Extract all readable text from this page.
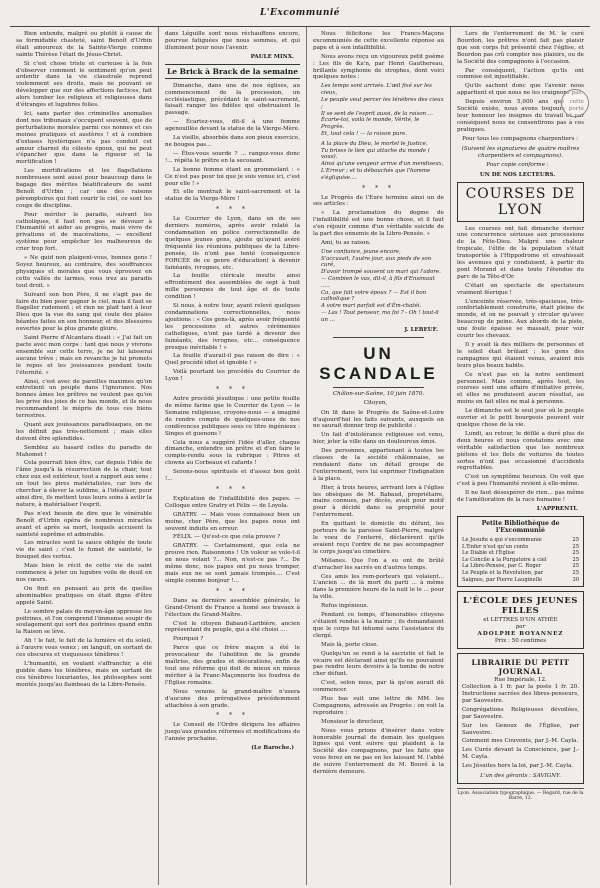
L'Excommunié

Bien entendu, malgré ou plutôt à cause de sa formidable chasteté, saint Benoît d'Urbin était amoureux de la Sainte-Vierge comme sainte Thérèse l'était de Jésus-Christ.

Si c'est chose triste et curieuse à la fois d'observer comment le sentiment qu'on peut ardentir dans la vie claustrale reprend violemment ses droits, mais ne pouvant se développer que sur des affections factices, fait alors tomber les religieux et religieuses dans d'étranges et lugubres folies.

Ici, sans parler des criminelles anomalies dont nos tribunaux s'occupent souvent, que de perturbations morales parmi ces nonnes et ces moines pratiques et austères ! et à combien d'extases hystériques n'a pas conduit cet amour charnel du céleste époux, qui ne peut s'épancher que dans la rigueur et la mortification !

Les mortifications et les flagellations nombreuses sont aussi pour beaucoup dans le bagage des mérites béatificateurs de saint Benoît d'Urbin ; car une des raisons péremptoires qui font courir le ciel, ce sont les coups de discipline.

Pour mériter le paradis, suivant les catholiques, il faut non pas se dévouer à l'humanité et aider au progrès, mais vivre de privations et de macérations, — excellent système pour empêcher les malheureux de crier trop fort.

« Ne quid non plaigent-vous, bonnes gens ! Soyez heureux, au contraire, des souffrances physiques et morales que vous éprouvez en cette vallée de larmes, vous irez au paradis tout droit. »

Suivant son bon Père, il ne s'agit pas de faire du bien pour gagner le ciel, mais il faut se flageller rudement ; et rien ne plait tant à leur Dieu que la vue du sang qui coule des plaies béantes faites en son honneur, et des blessures ouvertes pour la plus grande gloire.

Saint Pierre d'Alcantara disait : « J'ai fait un pacte avec mon corps : tant que nous y vivrons ensemble sur cette terre, je ne lui laisserai aucune trêve ; mais en revanche je lui promets le repos et les jouissances pendant toute l'éternité. »

Ainsi, c'est avec de pareilles maximes qu'on entretient un peuple dans l'ignorance. Nos bonnes âmes les prêtres ne veulent pas qu'on les prive des joies de ce bas monde, et ils nous recommandent le mépris de tous ces biens terrestres.

Quant aux jouissances paradisiaques, on ne les définit pas très-nettement ; mais elles doivent être splendides.

Semblez au hasard celles du paradis de Mahomet !

Cela pourrait bien être, car depuis l'idée de l'âme jusqu'à la résurrection de la chair, tout chez eux est extérieur, tout a rapport aux sens ; on tout les pires matérialistes, car lors de chercher à élever la sublime, à l'idéaliser, pour ainsi dire, ils mettent tous leurs soins à avilir la nature, à matérialiser l'esprit.

Pas n'est besoin de dire que le vénérable Benoît d'Urbin opéra de nombreux miracles avant et après sa mort, lesquels accusent la sainteté suprême et admirable.

Les miracles sont la sauce obligée de toute vie de saint ; c'est le fumet de sainteté, le bouquet des vertus.

Mais bien le récit de cette vie de saint commence à jeter un lugubre voile de deuil en nos cœurs.

On finit en pensant au prix de quelles abominables pratiques on était digne d'être appelé Saint.

Le sombre palais du moyen-âge oppresse les poitrines, et l'on comprend l'immense soupir de soulagement qui sort des poitrines quand enfin la Raison se lève.

Ah ! le fait, le fait de la lumière et du soleil, à l'œuvre vous venez ; on languit, on sortant de ces obscures et visqueuses ténèbres !

L'humanité, en voulant s'affranchir, a été guidée dans les ténèbres, mais en sortant de ces ténèbres luxuriantes, les philosophes sont montés jusqu'au flambeau de la Libre-Pensée.

dans Léguille sont nous réchauffons encore, pourvue fatiguées que nous sommes, et qui illuminent pour nous l'avenir.

PAULE MINX.
Le Brick à Brack de la semaine

Dimanche, dans une de nos églises, au commencement de la procession, un ecclésiastique, précédant le saint-sacrement, faisait ranger les fidèles qui obstruaient le passage.

— Écartez-vous, dit-il à une femme agenouillée devant la statue de la Vierge-Mère.

La vieille, absorbée dans son pieux exercice, ne bougea pas...

— Êtes-vous sourde ? ... rangez-vous donc !... répéta le prêtre en la secouant.

La bonne femme étant en grommelant : « Ce n'est pas pour toi que je suis venue ici, c'est pour elle ! »

Et elle montrait le saint-sacrement et la statue de la Vierge-Mère !

* * *

Le Courrier de Lyon, dans un de ses derniers numéros, après avoir relaté la condamnation en police correctionnelle de quelques jeunes gens, ajoute qu'ayant avéré fréquenté les réunions publiques de la Libre-pensée, ils n'ont pas tenté (conséquence FORCÉE de ce genre d'éducation) à devenir fainéants, ivrognes, etc.

La feuille cléricale insulte ainsi effrontément des assemblées de sept à huit mille personnes de tout âge et de toute condition !

Si nous, à notre tour, ayant relevé quelques condamnations correctionnelles, nous ajoutions : « Ces gens-là, après avoir fréquenté les processions et autres cérémonies catholiques, n'ont pas tardé à devenir des fainéants, des ivrognes, etc... conséquence presque inévitable ! »

La feuille d'aurait-il pas raison de dire : « Quel procédé idiot et ignoble ! »

Voilà pourtant les procédés du Courrier de Lyon !

* * *

Autre procédé jésuitique : une petite feuille de même farine que le Courrier de Lyon — le Semaine religieuse, croyons-nous — a imaginé de rendre compte de quelques-unes de nos conférences publiques sous ce titre ingénieux : Singes et guenons !

Cela nous a suggéré l'idée d'aller, chaque dimanche, entendre un prêtre et d'en faire le compte-rendu sous la rubrique : Pitres et clowns au Corbeaux et cafards !

Serons-nous spirituels et d'assez bon goût !...

* * *

Explication de l'infaillibilité des papes. — Colloque entre Gratry et Félix — de Loyola.

GRATRY. — Mais vous connaissez bien un moine, cher Père, que les papes nous ont souvent induits en erreur.

FÉLIX. — Qu'est-ce que cela prouve ?

GRATRY. — Certainement, que cela ne prouve rien. Raisonnons ! Un voleur se vole-t-il en nous volant ?... Non, n'est-ce pas ?... De même donc, nos papes ont pu nous tromper, mais eux ne se sont jamais trompés.... C'est simple comme bonjour !...

* * *

Dans sa dernière assemblée générale, le Grand-Orient de France a homé ses travaux à l'élection du Grand-Maître.

C'est le citoyen Babaud-Laribière, ancien représentant du peuple, qui a été choisi ....

Pourquoi ?

Parce que ce frère maçon a été le provocateur de l'abolition de la grande maîtrise, des grades et décorations, enfin de tout une réforme qui doit de mieux en mieux mériter à la Franc-Maçonnerie les foudres de l'Église romaine.

Nous venons la grand-maître n'usera d'aucune des prérogatives précédemment attachées à son grade.

* * *

Le Conseil de l'Ordre dirigera les affaires jusqu'aux grandes réformes et modifications de l'année prochaine.

(Le Baroche.)

Nous félicitons les Francs-Maçons excommuniés de cette excellente réponse au pape et à son infaillibilité.

Nous avons reçu un vigoureux petit poème : Les fils de Ka'n, par Henri Gauthereau, brillante symphonie de strophes, dont voici quelques notes :

Les temps sont arrivés. L'œil fixé sur les cieux,
Le peuple veut percer les ténèbres des cieux ;
Il se sent de l'esprit aussi, de la raison ...
Écarte-toi, voilà le monde, Vérité, le Progrès.
Et, tout cela ! — la raison pure.
A la place du Dieu, le mortel le Justice.
Tu brises le lien qui attache du monde ( vous).
Ainsi qu'une vengeur arrive d'un mendiseux,
L'Erreur ; et tu débouchés que l'homme s'égliquise....
* * *

Le Progrès de l'Eure termine ainsi un de ses articles :

« La proclamation du dogme de l'infaillibilité est une bonne chose, et il faut s'en réjouir comme d'un véritable suicide de la part des ennemis de la Libre-Pensée. »

Ami, tu as raison.

Une confiance, jeune encore,
S'accusait, l'autre jour, aux pieds de son curé,
D'avoir trompé souvent un mari qui l'adore.
— Combien le vas, dit-il, à fils d'Ensimaut .....
Ca, que fait votre époux ? — Est il bon catholique ?
A votre mari parfait est d'Ém-chatéi.
— Las ! Tout penseur, ma foi ? - Oh ! tout-il un ...
J. LEBEUF.
UN SCANDALE
Châlon-sur-Saône, 10 juin 1870.
Citoyen,

On lit dans le Progrès de Saône-et-Loire d'aujourd'hui les faits suivants, auxquels on ne saurait donner trop de publicité :

Un fait d'intolérance religieuse est venu, hier, jeter la ville dans un douloureux émoi.

Des personnes, appartenant à toutes les classes de la société châlonnaise, se rendaient dans un détail groupe de l'enterrement, vers lui exprimer l'indignation à la place.

Hier, à trois heures, arrivant lors à l'église les obsèques de M. Babaud, propriétaire, mains connues, par décès, avait pour motif pour à décidé dans sa propriété pour l'enterrement.

En quittant le domicile du défunt, les porteurs de la paroisse Saint-Pierre, malgré le voeu de l'enterré, déclarèrent qu'ils avaient reçu l'ordre de ne pas accompagner le corps jusqu'au cimetière.

Mélanes. Que l'on a su ont de brûlé d'arracher les sacrés en d'autres temps.

Ces amis les rem-porteurs qui volaient... L'ancien ... de là mort du parti ... à même dans la première heure de la nuit le le ... pour la ville.

Refus ingénieux.

Pendant ce temps, d'honorables citoyens s'étaient rendus à la mairie ; ils demandaient que le corps fut inhumé sans l'assistance du clergé.

Mais là, porte close.

Quelqu'un se rend à la sacristie et fait le vicaire est déclarant ainsi qu'ils ne pouvaient pas rendre leurs devoirs à la tombe de notre cher défunt.

C'est, selon nous, par là qu'on aurait dû commencer.

Plus bas suit une lettre de MM. les Compagnons, adressée au Progrès : on voit la reproduire :

Monsieur le directeur,

Nous vous prions d'insérer dans votre honorable journal de demain les quelques lignes qui vont suivre qui plaident à la Société des compagnons, par les faits que vous ferez en ne pas en les laissant M. l'abbé de suivre l'enterrement de M. Bouvé à la dernière demeure.

Lors de l'enterrement de M. le curé Bourdon, les prêtres n'ont fait pas plaisir que son corps fut présenté chez l'église, et Bourdon pas crû compter nos plaisirs, ou de la Société des compagnons à l'occasion.

Par conséquent, l'action qu'ils ont commise est injustifiable.

Qu'ils sachent donc que l'avenir nous appartient et que nous ne les craignons pas.

Depuis environ 5,000 ans que cette Société existe, nous avons toujours porté leur honneur les insignes du travail et par conséquent nous ne consentirons pas à ces pratiques.

Pour tous les compagnons charpentiers :

(Suivent les signatures de quatre maîtres charpentiers et compagnons).

Pour copie conforme :
UN DE NOS LECTEURS.
COURSES DE LYON

Les courses ont fait dimanche dernier une concurrence sérieuse aux processions de la Fête-Dieu. Malgré une chaleur tropicale, l'élite de la population s'était transportée à l'Hippodrome et envahissait les avenues qui y conduisent, à partir du pont Morand et dans toute l'étendue du parc de la Tête-d'Or.

C'était un spectacle de spectateurs vraiment féerique !

L'enceinte réservée, très-spacieuse, très-confortablement construite, était pleine de monde, et on ne pouvait y circuler qu'avec beaucoup de peine. Aux abords de la piste, une foule épaisse se massait, pour voir courir les chevaux.

Il y avait là des milliers de personnes et le soleil était brûlant ; les gens des campagnes qui étaient venus, avaient mis leurs plus beaux habits.

Ce n'est pas en la notre sentiment personnel. Mais comme, après tout, les courses sont une affaire d'initiative privée, et elles ne produisent aucun résultat, au moins en fait elles ne mal à personne.

Le dimanche est le seul jour où le peuple ouvrier et le petit bourgeois peuvent voir quelque chose de la vie.

Lundi, au retour, le défilé a duré plus de deux heures et nous constatons avec une véritable satisfaction que les nombreux piétons et les flots de voitures de toutes sortes n'ont pas occasionné d'accidents regrettables.

C'est un symptôme heureux. On voit que c'est à peu l'humanité revient à elle-même.

Il ne faut désespérer de rien... pas même de l'amélioration de la race humaine !

L'APPRENTI.
Petite Bibliothèque de l'Excommunié
Le Jésuite à qui s'excommunie	25
L'Enfer n'est qu'un conte	25
Le Diable et l'Église	25
Le Concile à la Purgatoire à ciel	25
La Libre-Pensée, par C. Roger	25
Le Peuple et la Révolution, par	25
Saignes, par Pierre Lauginelle	30
L'ÉCOLE DES JEUNES FILLES
et LETTRES D'UN ATHÉE
par
ADOLPHE BOYANNEZ
Prix : 50 centimes
LIBRAIRIE DU PETIT JOURNAL
Rue Impériale, 12.

Collection à 1 fr. par la poste 1 fr. 20. Instructions sacrées des libres-penseurs, par Sauvestre.

Congrégations Religieuses dévoilées, par Sauvestre.

Sur les Genoux de l'Église, par Sauvestre.

Comment mes Couvents, par J.-M. Cayla.

Les Curés devant la Conscience, par J.-M. Cayla.

Les Jésuites hors la loi, par J.-M. Cayla.

L'un des gérants : SAVIGNY.
Lyon. Association typographique. — Regard, rue de la Barre, 12.
